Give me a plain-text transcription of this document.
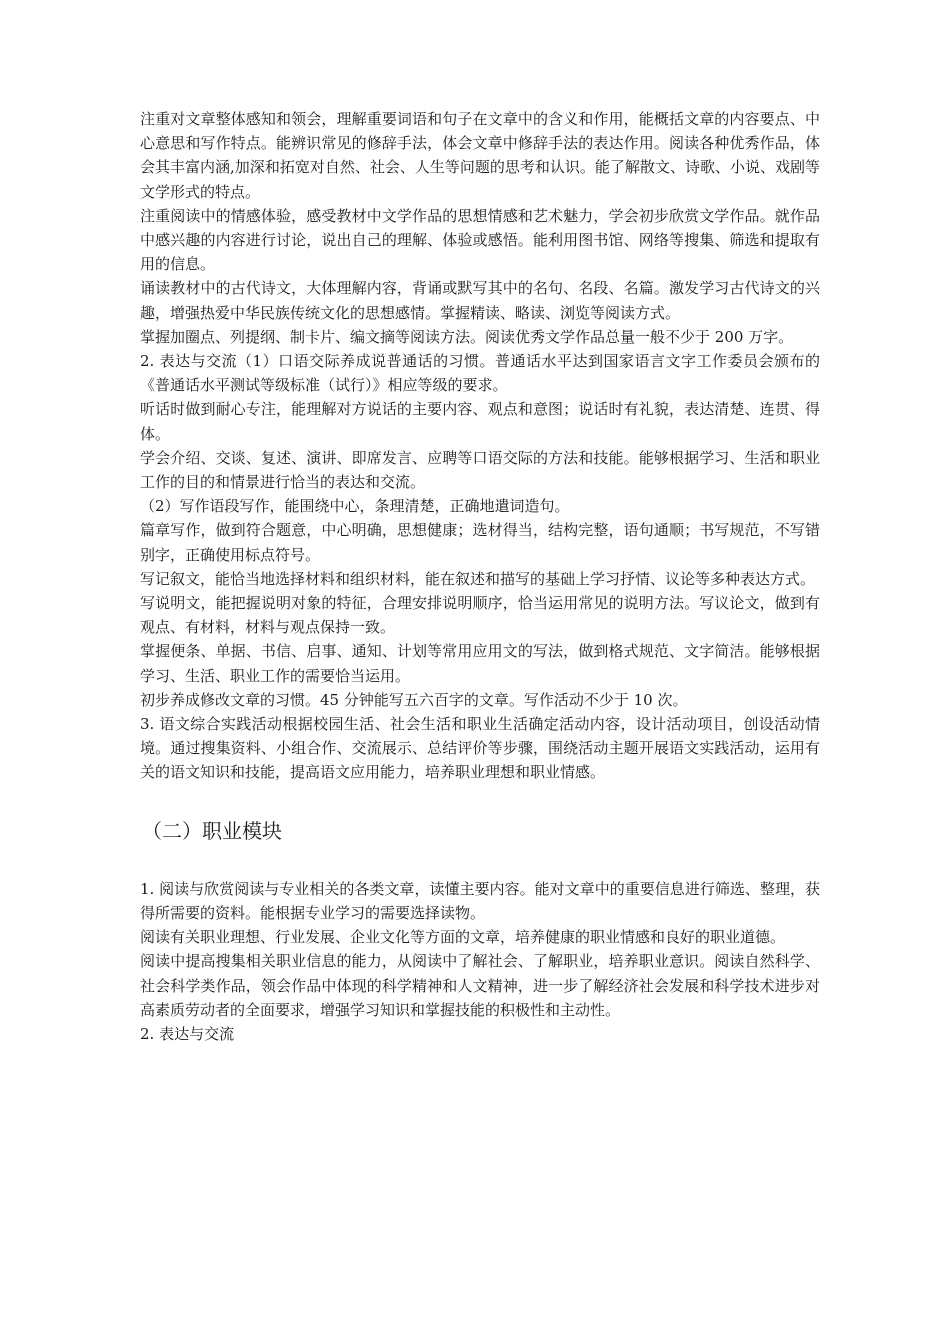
注重对文章整体感知和领会，理解重要词语和句子在文章中的含义和作用，能概括文章的内容要点、中心意思和写作特点。能辨识常见的修辞手法，体会文章中修辞手法的表达作用。阅读各种优秀作品，体会其丰富内涵,加深和拓宽对自然、社会、人生等问题的思考和认识。能了解散文、诗歌、小说、戏剧等文学形式的特点。

注重阅读中的情感体验，感受教材中文学作品的思想情感和艺术魅力，学会初步欣赏文学作品。就作品中感兴趣的内容进行讨论，说出自己的理解、体验或感悟。能利用图书馆、网络等搜集、筛选和提取有用的信息。

诵读教材中的古代诗文，大体理解内容，背诵或默写其中的名句、名段、名篇。激发学习古代诗文的兴趣，增强热爱中华民族传统文化的思想感情。掌握精读、略读、浏览等阅读方式。

掌握加圈点、列提纲、制卡片、编文摘等阅读方法。阅读优秀文学作品总量一般不少于 200 万字。

2. 表达与交流（1）口语交际养成说普通话的习惯。普通话水平达到国家语言文字工作委员会颁布的《普通话水平测试等级标准（试行）》相应等级的要求。

听话时做到耐心专注，能理解对方说话的主要内容、观点和意图；说话时有礼貌，表达清楚、连贯、得体。

学会介绍、交谈、复述、演讲、即席发言、应聘等口语交际的方法和技能。能够根据学习、生活和职业工作的目的和情景进行恰当的表达和交流。

（2）写作语段写作，能围绕中心，条理清楚，正确地遣词造句。

篇章写作，做到符合题意，中心明确，思想健康；选材得当，结构完整，语句通顺；书写规范，不写错别字，正确使用标点符号。

写记叙文，能恰当地选择材料和组织材料，能在叙述和描写的基础上学习抒情、议论等多种表达方式。

写说明文，能把握说明对象的特征，合理安排说明顺序，恰当运用常见的说明方法。写议论文，做到有观点、有材料，材料与观点保持一致。

掌握便条、单据、书信、启事、通知、计划等常用应用文的写法，做到格式规范、文字简洁。能够根据学习、生活、职业工作的需要恰当运用。

初步养成修改文章的习惯。45 分钟能写五六百字的文章。写作活动不少于 10 次。

3. 语文综合实践活动根据校园生活、社会生活和职业生活确定活动内容，设计活动项目，创设活动情境。通过搜集资料、小组合作、交流展示、总结评价等步骤，围绕活动主题开展语文实践活动，运用有关的语文知识和技能，提高语文应用能力，培养职业理想和职业情感。

（二）职业模块

1. 阅读与欣赏阅读与专业相关的各类文章，读懂主要内容。能对文章中的重要信息进行筛选、整理，获得所需要的资料。能根据专业学习的需要选择读物。

阅读有关职业理想、行业发展、企业文化等方面的文章，培养健康的职业情感和良好的职业道德。

阅读中提高搜集相关职业信息的能力，从阅读中了解社会、了解职业，培养职业意识。阅读自然科学、社会科学类作品，领会作品中体现的科学精神和人文精神，进一步了解经济社会发展和科学技术进步对高素质劳动者的全面要求，增强学习知识和掌握技能的积极性和主动性。

2. 表达与交流
